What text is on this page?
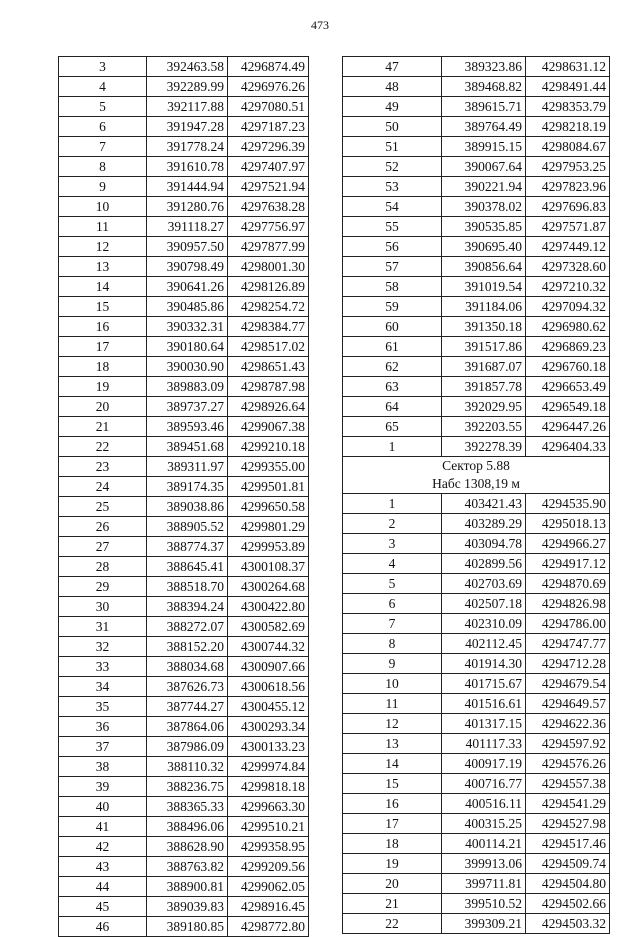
473
3	392463.58	4296874.49
4	392289.99	4296976.26
5	392117.88	4297080.51
6	391947.28	4297187.23
7	391778.24	4297296.39
8	391610.78	4297407.97
9	391444.94	4297521.94
10	391280.76	4297638.28
11	391118.27	4297756.97
12	390957.50	4297877.99
13	390798.49	4298001.30
14	390641.26	4298126.89
15	390485.86	4298254.72
16	390332.31	4298384.77
17	390180.64	4298517.02
18	390030.90	4298651.43
19	389883.09	4298787.98
20	389737.27	4298926.64
21	389593.46	4299067.38
22	389451.68	4299210.18
23	389311.97	4299355.00
24	389174.35	4299501.81
25	389038.86	4299650.58
26	388905.52	4299801.29
27	388774.37	4299953.89
28	388645.41	4300108.37
29	388518.70	4300264.68
30	388394.24	4300422.80
31	388272.07	4300582.69
32	388152.20	4300744.32
33	388034.68	4300907.66
34	387626.73	4300618.56
35	387744.27	4300455.12
36	387864.06	4300293.34
37	387986.09	4300133.23
38	388110.32	4299974.84
39	388236.75	4299818.18
40	388365.33	4299663.30
41	388496.06	4299510.21
42	388628.90	4299358.95
43	388763.82	4299209.56
44	388900.81	4299062.05
45	389039.83	4298916.45
46	389180.85	4298772.80
47	389323.86	4298631.12
48	389468.82	4298491.44
49	389615.71	4298353.79
50	389764.49	4298218.19
51	389915.15	4298084.67
52	390067.64	4297953.25
53	390221.94	4297823.96
54	390378.02	4297696.83
55	390535.85	4297571.87
56	390695.40	4297449.12
57	390856.64	4297328.60
58	391019.54	4297210.32
59	391184.06	4297094.32
60	391350.18	4296980.62
61	391517.86	4296869.23
62	391687.07	4296760.18
63	391857.78	4296653.49
64	392029.95	4296549.18
65	392203.55	4296447.26
1	392278.39	4296404.33

Сектор 5.88
Набс 1308,19 м		

1	403421.43	4294535.90
2	403289.29	4295018.13
3	403094.78	4294966.27
4	402899.56	4294917.12
5	402703.69	4294870.69
6	402507.18	4294826.98
7	402310.09	4294786.00
8	402112.45	4294747.77
9	401914.30	4294712.28
10	401715.67	4294679.54
11	401516.61	4294649.57
12	401317.15	4294622.36
13	401117.33	4294597.92
14	400917.19	4294576.26
15	400716.77	4294557.38
16	400516.11	4294541.29
17	400315.25	4294527.98
18	400114.21	4294517.46
19	399913.06	4294509.74
20	399711.81	4294504.80
21	399510.52	4294502.66
22	399309.21	4294503.32
